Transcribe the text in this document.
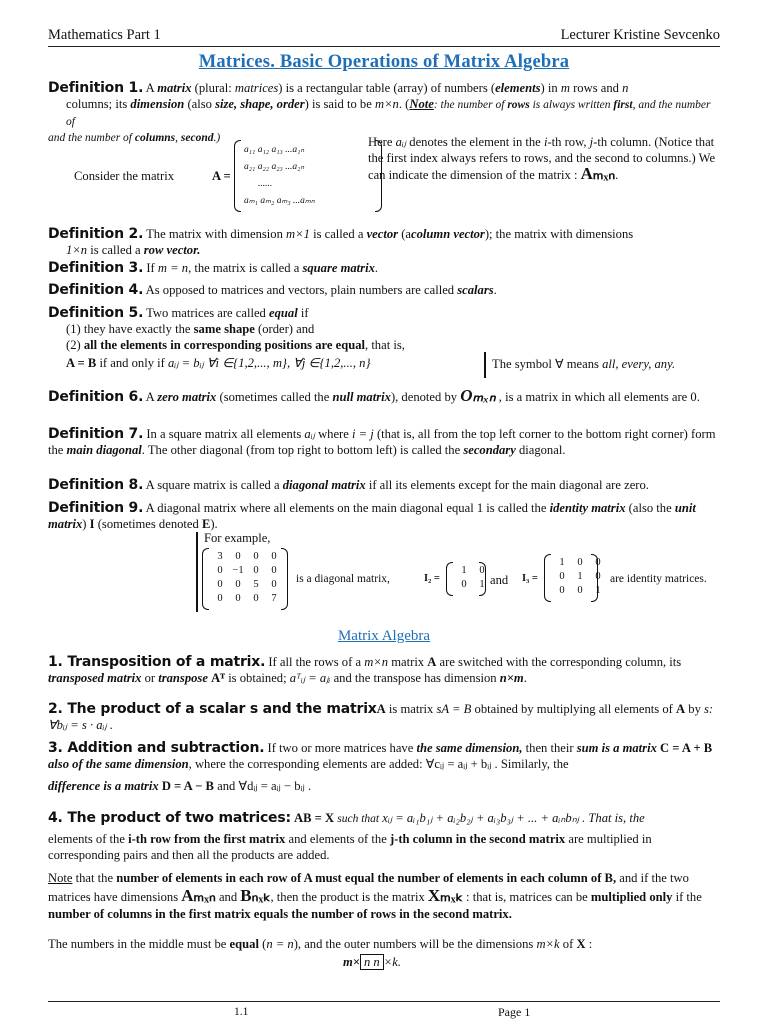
Mathematics Part 1	Lecturer Kristine Sevcenko
Matrices. Basic Operations of Matrix Algebra
Definition 1. A matrix (plural: matrices) is a rectangular table (array) of numbers (elements) in m rows and n
columns; its dimension (also size, shape, order) is said to be m×n. (Note: the number of rows is always written first, and the number of
and the number of columns, second.)
Consider the matrix	A =
a₁₁ a₁₂ a₁₃ ...a₁ₙ
a₂₁ a₂₂ a₂₃ ...a₂ₙ
......
aₘ₁ aₘ₂ aₘ₃ ...aₘₙ
Here aᵢⱼ denotes the element in the i-th row, j-th column. (Notice that the first index always refers to rows, and the second to columns.) We can indicate the dimension of the matrix : Aₘₓₙ.
Definition 2. The matrix with dimension m×1 is called a vector (acolumn vector); the matrix with dimensions
1×n is called a row vector.
Definition 3. If m = n, the matrix is called a square matrix.
Definition 4. As opposed to matrices and vectors, plain numbers are called scalars.
Definition 5. Two matrices are called equal if
(1) they have exactly the same shape (order) and
(2) all the elements in corresponding positions are equal, that is,
A = B if and only if aᵢⱼ = bᵢⱼ ∀i ∈{1,2,..., m}, ∀j ∈{1,2,..., n}	The symbol ∀ means all, every, any.
Definition 6. A zero matrix (sometimes called the null matrix), denoted by Oₘₓₙ , is a matrix in which all elements are 0.
Definition 7. In a square matrix all elements aᵢⱼ where i = j (that is, all from the top left corner to the bottom right corner) form the main diagonal. The other diagonal (from top right to bottom left) is called the secondary diagonal.
Definition 8. A square matrix is called a diagonal matrix if all its elements except for the main diagonal are zero.
Definition 9. A diagonal matrix where all elements on the main diagonal equal 1 is called the identity matrix (also the unit matrix) I (sometimes denoted E).
For example,
3	0	0	0
0 −1 0	0
0	0	5	0
0	0	0	7
is a diagonal matrix,	I₂ =
1	0
0	1 and I₃ =
1	0	0
0	1	0
0	0	1
are identity matrices.
Matrix Algebra
1. Transposition of a matrix. If all the rows of a m×n matrix A are switched with the corresponding column, its transposed matrix or transpose Aᵀ is obtained; aᵀᵢⱼ = aⱼᵢ and the transpose has dimension n×m.
2. The product of a scalar s and the matrixA is matrix sA = B obtained by multiplying all elements of A by s: ∀bᵢⱼ = s · aᵢⱼ .
3. Addition and subtraction. If two or more matrices have the same dimension, then their sum is a matrix C = A + B also of the same dimension, where the corresponding elements are added: ∀cᵢⱼ = aᵢⱼ + bᵢⱼ . Similarly, the
difference is a matrix D = A − B and ∀dᵢⱼ = aᵢⱼ − bᵢⱼ .
4. The product of two matrices: AB = X such that xᵢⱼ = aᵢ₁b₁ⱼ + aᵢ₂b₂ⱼ + aᵢ₃b₃ⱼ + ... + aᵢₙbₙⱼ . That is, the
elements of the i-th row from the first matrix and elements of the j-th column in the second matrix are multiplied in corresponding pairs and then all the products are added.
Note that the number of elements in each row of A must equal the number of elements in each column of B, and if the two matrices have dimensions Aₘₓₙ and Bₙₓₖ, then the product is the matrix Xₘₓₖ : that is, matrices can be multiplied only if the number of columns in the first matrix equals the number of rows in the second matrix.
The numbers in the middle must be equal (n = n), and the outer numbers will be the dimensions m×k of X :
m× n n ×k.
1.1	Page 1
